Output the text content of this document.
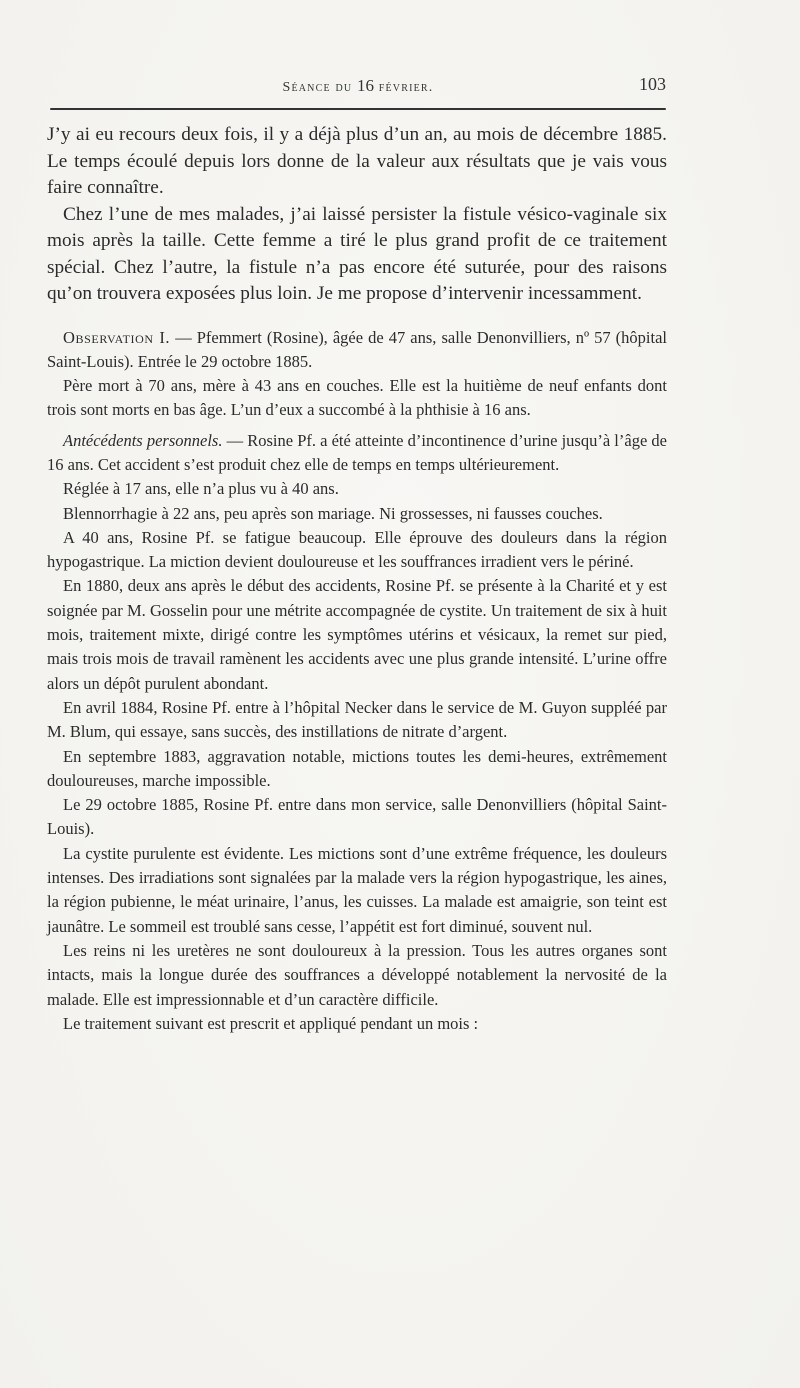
Séance du 16 février.	103

J’y ai eu recours deux fois, il y a déjà plus d’un an, au mois de décembre 1885. Le temps écoulé depuis lors donne de la valeur aux résultats que je vais vous faire connaître.

Chez l’une de mes malades, j’ai laissé persister la fistule vésico-vaginale six mois après la taille. Cette femme a tiré le plus grand profit de ce traitement spécial. Chez l’autre, la fistule n’a pas encore été suturée, pour des raisons qu’on trouvera exposées plus loin. Je me propose d’intervenir incessamment.

Observation I. — Pfemmert (Rosine), âgée de 47 ans, salle Denonvilliers, nº 57 (hôpital Saint-Louis). Entrée le 29 octobre 1885.

Père mort à 70 ans, mère à 43 ans en couches. Elle est la huitième de neuf enfants dont trois sont morts en bas âge. L’un d’eux a succombé à la phthisie à 16 ans.

Antécédents personnels. — Rosine Pf. a été atteinte d’incontinence d’urine jusqu’à l’âge de 16 ans. Cet accident s’est produit chez elle de temps en temps ultérieurement.

Réglée à 17 ans, elle n’a plus vu à 40 ans.

Blennorrhagie à 22 ans, peu après son mariage. Ni grossesses, ni fausses couches.

A 40 ans, Rosine Pf. se fatigue beaucoup. Elle éprouve des douleurs dans la région hypogastrique. La miction devient douloureuse et les souffrances irradient vers le périné.

En 1880, deux ans après le début des accidents, Rosine Pf. se présente à la Charité et y est soignée par M. Gosselin pour une métrite accompagnée de cystite. Un traitement de six à huit mois, traitement mixte, dirigé contre les symptômes utérins et vésicaux, la remet sur pied, mais trois mois de travail ramènent les accidents avec une plus grande intensité. L’urine offre alors un dépôt purulent abondant.

En avril 1884, Rosine Pf. entre à l’hôpital Necker dans le service de M. Guyon suppléé par M. Blum, qui essaye, sans succès, des instillations de nitrate d’argent.

En septembre 1883, aggravation notable, mictions toutes les demi-heures, extrêmement douloureuses, marche impossible.

Le 29 octobre 1885, Rosine Pf. entre dans mon service, salle Denonvilliers (hôpital Saint-Louis).

La cystite purulente est évidente. Les mictions sont d’une extrême fréquence, les douleurs intenses. Des irradiations sont signalées par la malade vers la région hypogastrique, les aines, la région pubienne, le méat urinaire, l’anus, les cuisses. La malade est amaigrie, son teint est jaunâtre. Le sommeil est troublé sans cesse, l’appétit est fort diminué, souvent nul.

Les reins ni les uretères ne sont douloureux à la pression. Tous les autres organes sont intacts, mais la longue durée des souffrances a développé notablement la nervosité de la malade. Elle est impressionnable et d’un caractère difficile.

Le traitement suivant est prescrit et appliqué pendant un mois :
